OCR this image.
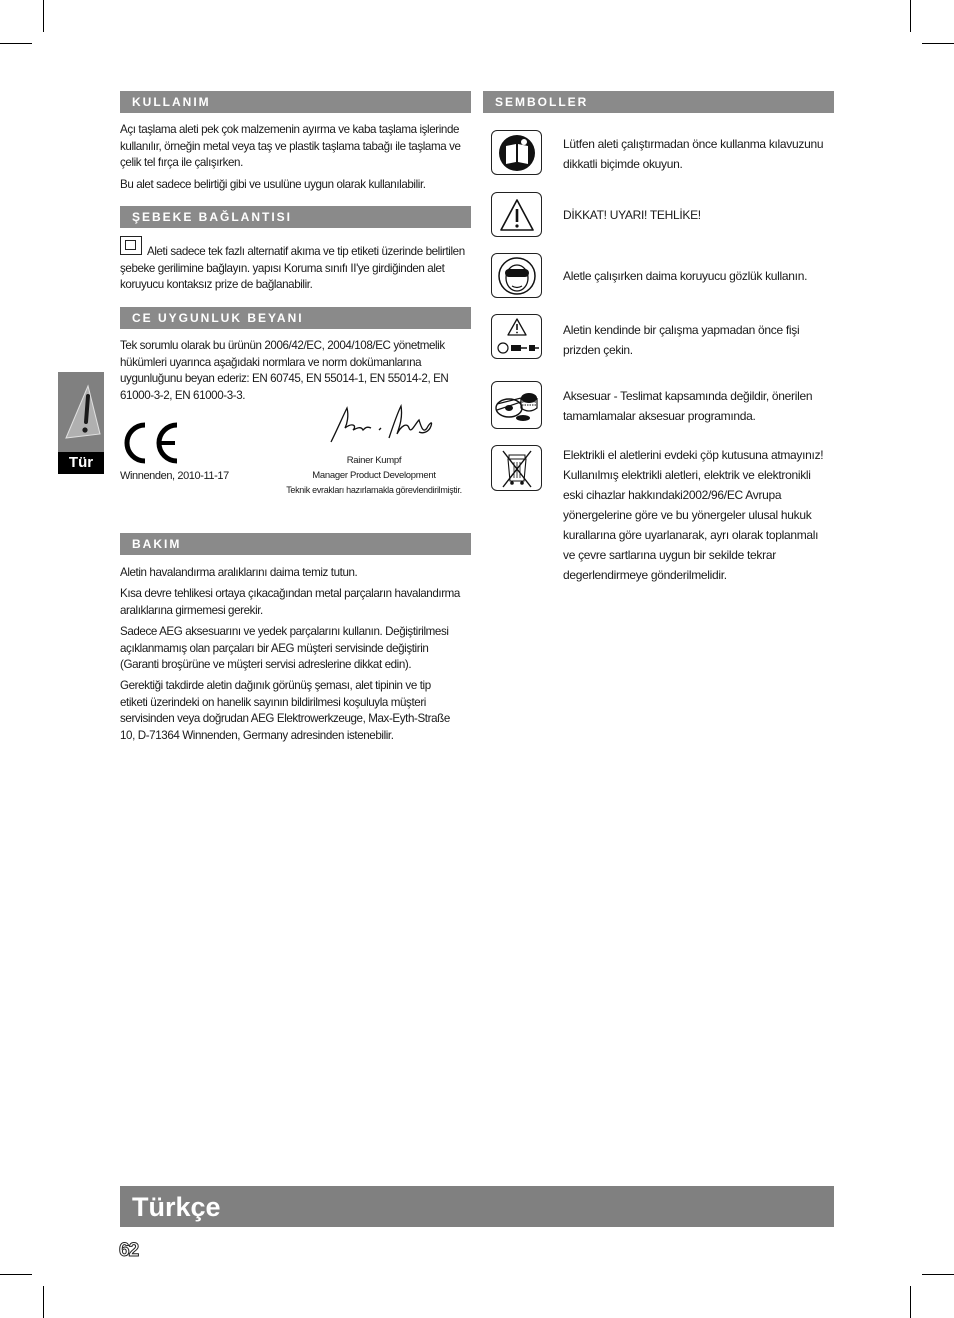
Tür
KULLANIM

Açı taşlama aleti pek çok malzemenin ayırma ve kaba taşlama işlerinde kullanılır, örneğin metal veya taş ve plastik taşlama tabağı ile taşlama ve çelik tel fırça ile çalışırken.

Bu alet sadece belirtiği gibi ve usulüne uygun olarak kullanılabilir.

ŞEBEKE BAĞLANTISI

Aleti sadece tek fazlı alternatif akıma ve tip etiketi üzerinde belirtilen şebeke gerilimine bağlayın. yapısı Koruma sınıfı II'ye girdiğinden alet koruyucu kontaksız prize de bağlanabilir.

CE UYGUNLUK BEYANI

Tek sorumlu olarak bu ürünün 2006/42/EC, 2004/108/EC yönetmelik hükümleri uyarınca aşağıdaki normlara ve norm dokümanlarına uygunluğunu beyan ederiz: EN 60745, EN 55014-1, EN 55014-2, EN 61000-3-2, EN 61000-3-3.

Winnenden, 2010-11-17
Rainer Kumpf
Manager Product Development
Teknik evrakları hazırlamakla görevlendirilmiştir.
BAKIM

Aletin havalandırma aralıklarını daima temiz tutun.

Kısa devre tehlikesi ortaya çıkacağından metal parçaların havalandırma aralıklarına girmemesi gerekir.

Sadece AEG aksesuarını ve yedek parçalarını kullanın. Değiştirilmesi açıklanmamış olan parçaları bir AEG müşteri servisinde değiştirin (Garanti broşürüne ve müşteri servisi adreslerine dikkat edin).

Gerektiği takdirde aletin dağınık görünüş şeması, alet tipinin ve tip etiketi üzerindeki on hanelik sayının bildirilmesi koşuluyla müşteri servisinden veya doğrudan AEG Elektrowerkzeuge, Max-Eyth-Straße 10, D-71364 Winnenden, Germany adresinden istenebilir.

SEMBOLLER

Lütfen aleti çalıştırmadan önce kullanma kılavuzunu dikkatli biçimde okuyun.

DİKKAT! UYARI! TEHLİKE!

Aletle çalışırken daima koruyucu gözlük kullanın.

Aletin kendinde bir çalışma yapmadan önce fişi prizden çekin.

Aksesuar - Teslimat kapsamında değildir, önerilen tamamlamalar aksesuar programında.

Elektrikli el aletlerini evdeki çöp kutusuna atmayınız! Kullanılmış elektrikli aletleri, elektrik ve elektronikli eski cihazlar hakkındaki2002/96/EC Avrupa yönergelerine göre ve bu yönergeler ulusal hukuk kurallarına göre uyarlanarak, ayrı olarak toplanmalı ve çevre sartlarına uygun bir sekilde tekrar degerlendirmeye gönderilmelidir.

Türkçe
62
